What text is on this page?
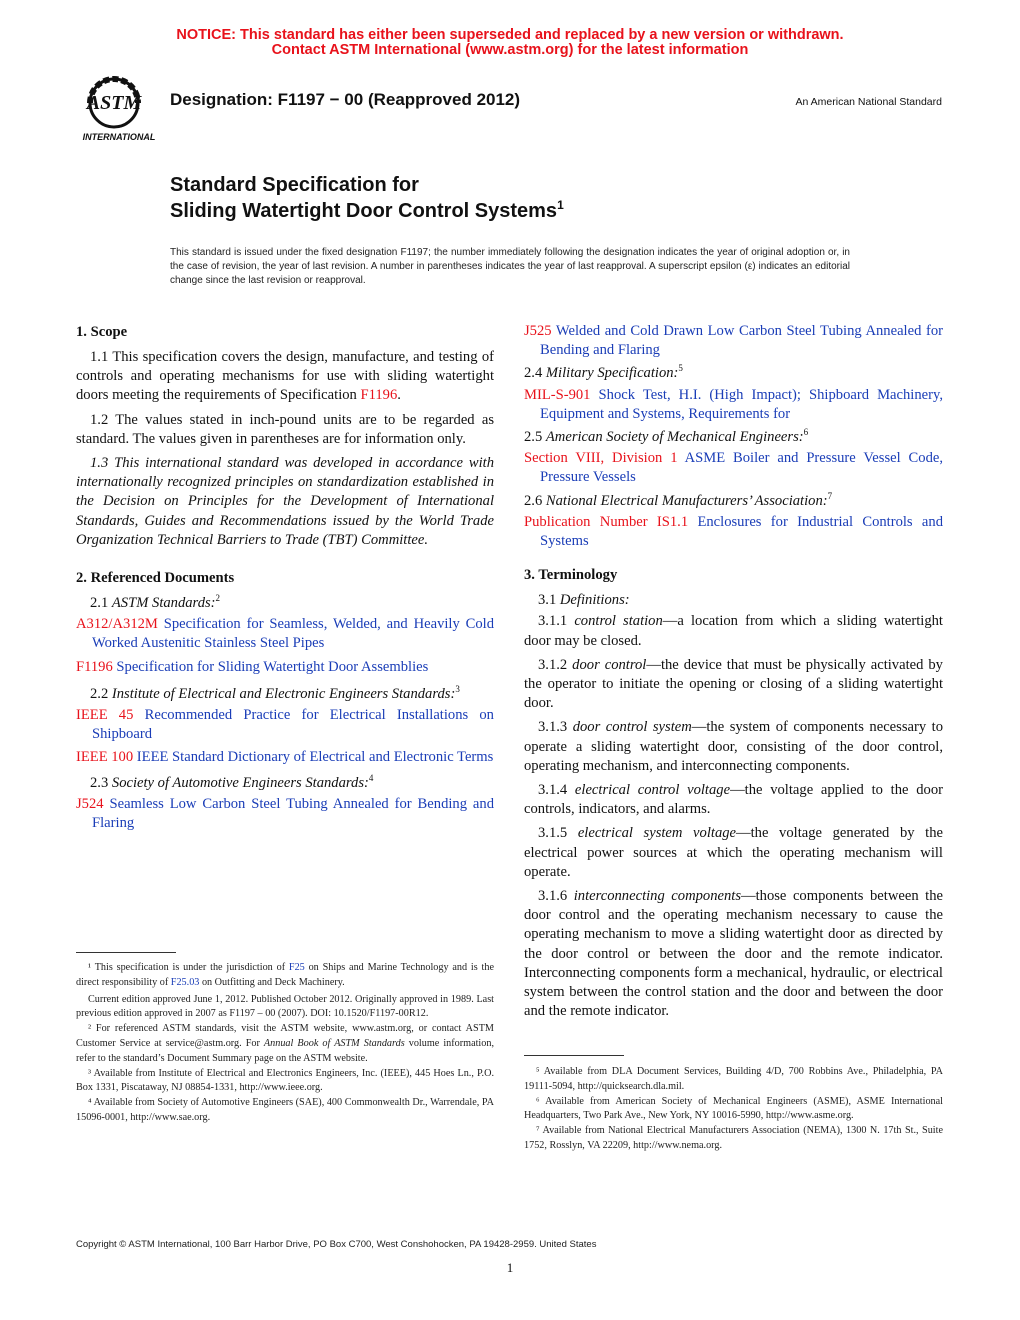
NOTICE: This standard has either been superseded and replaced by a new version or withdrawn.
Contact ASTM International (www.astm.org) for the latest information
ASTM
INTERNATIONAL
Designation: F1197 − 00 (Reapproved 2012)	An American National Standard
Standard Specification for
Sliding Watertight Door Control Systems$^1$
This standard is issued under the fixed designation F1197; the number immediately following the designation indicates the year of original adoption or, in the case of revision, the year of last revision. A number in parentheses indicates the year of last reapproval. A superscript epsilon (ε) indicates an editorial change since the last revision or reapproval.
1. Scope

1.1 This specification covers the design, manufacture, and testing of controls and operating mechanisms for use with sliding watertight doors meeting the requirements of Specification F1196.

1.2 The values stated in inch-pound units are to be regarded as standard. The values given in parentheses are for information only.

1.3 This international standard was developed in accordance with internationally recognized principles on standardization established in the Decision on Principles for the Development of International Standards, Guides and Recommendations issued by the World Trade Organization Technical Barriers to Trade (TBT) Committee.

2. Referenced Documents
2.1 ASTM Standards:$^2$
A312/A312M Specification for Seamless, Welded, and Heavily Cold Worked Austenitic Stainless Steel Pipes
F1196 Specification for Sliding Watertight Door Assemblies
2.2 Institute of Electrical and Electronic Engineers Standards:$^3$
IEEE 45 Recommended Practice for Electrical Installations on Shipboard
IEEE 100 IEEE Standard Dictionary of Electrical and Electronic Terms
2.3 Society of Automotive Engineers Standards:$^4$
J524 Seamless Low Carbon Steel Tubing Annealed for Bending and Flaring
J525 Welded and Cold Drawn Low Carbon Steel Tubing Annealed for Bending and Flaring
2.4 Military Specification:$^5$
MIL-S-901 Shock Test, H.I. (High Impact); Shipboard Machinery, Equipment and Systems, Requirements for
2.5 American Society of Mechanical Engineers:$^6$
Section VIII, Division 1 ASME Boiler and Pressure Vessel Code, Pressure Vessels
2.6 National Electrical Manufacturers’ Association:$^7$
Publication Number IS1.1 Enclosures for Industrial Controls and Systems
3. Terminology
3.1 Definitions:

3.1.1 control station—a location from which a sliding watertight door may be closed.

3.1.2 door control—the device that must be physically activated by the operator to initiate the opening or closing of a sliding watertight door.

3.1.3 door control system—the system of components necessary to operate a sliding watertight door, consisting of the door control, operating mechanism, and interconnecting components.

3.1.4 electrical control voltage—the voltage applied to the door controls, indicators, and alarms.

3.1.5 electrical system voltage—the voltage generated by the electrical power sources at which the operating mechanism will operate.

3.1.6 interconnecting components—those components between the door control and the operating mechanism necessary to cause the operating mechanism to move a sliding watertight door as directed by the door control or between the door and the remote indicator. Interconnecting components form a mechanical, hydraulic, or electrical system between the control station and the door and between the door and the remote indicator.

¹ This specification is under the jurisdiction of F25 on Ships and Marine Technology and is the direct responsibility of F25.03 on Outfitting and Deck Machinery.

Current edition approved June 1, 2012. Published October 2012. Originally approved in 1989. Last previous edition approved in 2007 as F1197 – 00 (2007). DOI: 10.1520/F1197-00R12.

² For referenced ASTM standards, visit the ASTM website, www.astm.org, or contact ASTM Customer Service at service@astm.org. For Annual Book of ASTM Standards volume information, refer to the standard’s Document Summary page on the ASTM website.

³ Available from Institute of Electrical and Electronics Engineers, Inc. (IEEE), 445 Hoes Ln., P.O. Box 1331, Piscataway, NJ 08854-1331, http://www.ieee.org.

⁴ Available from Society of Automotive Engineers (SAE), 400 Commonwealth Dr., Warrendale, PA 15096-0001, http://www.sae.org.

⁵ Available from DLA Document Services, Building 4/D, 700 Robbins Ave., Philadelphia, PA 19111-5094, http://quicksearch.dla.mil.

⁶ Available from American Society of Mechanical Engineers (ASME), ASME International Headquarters, Two Park Ave., New York, NY 10016-5990, http://www.asme.org.

⁷ Available from National Electrical Manufacturers Association (NEMA), 1300 N. 17th St., Suite 1752, Rosslyn, VA 22209, http://www.nema.org.

Copyright © ASTM International, 100 Barr Harbor Drive, PO Box C700, West Conshohocken, PA 19428-2959. United States
1
